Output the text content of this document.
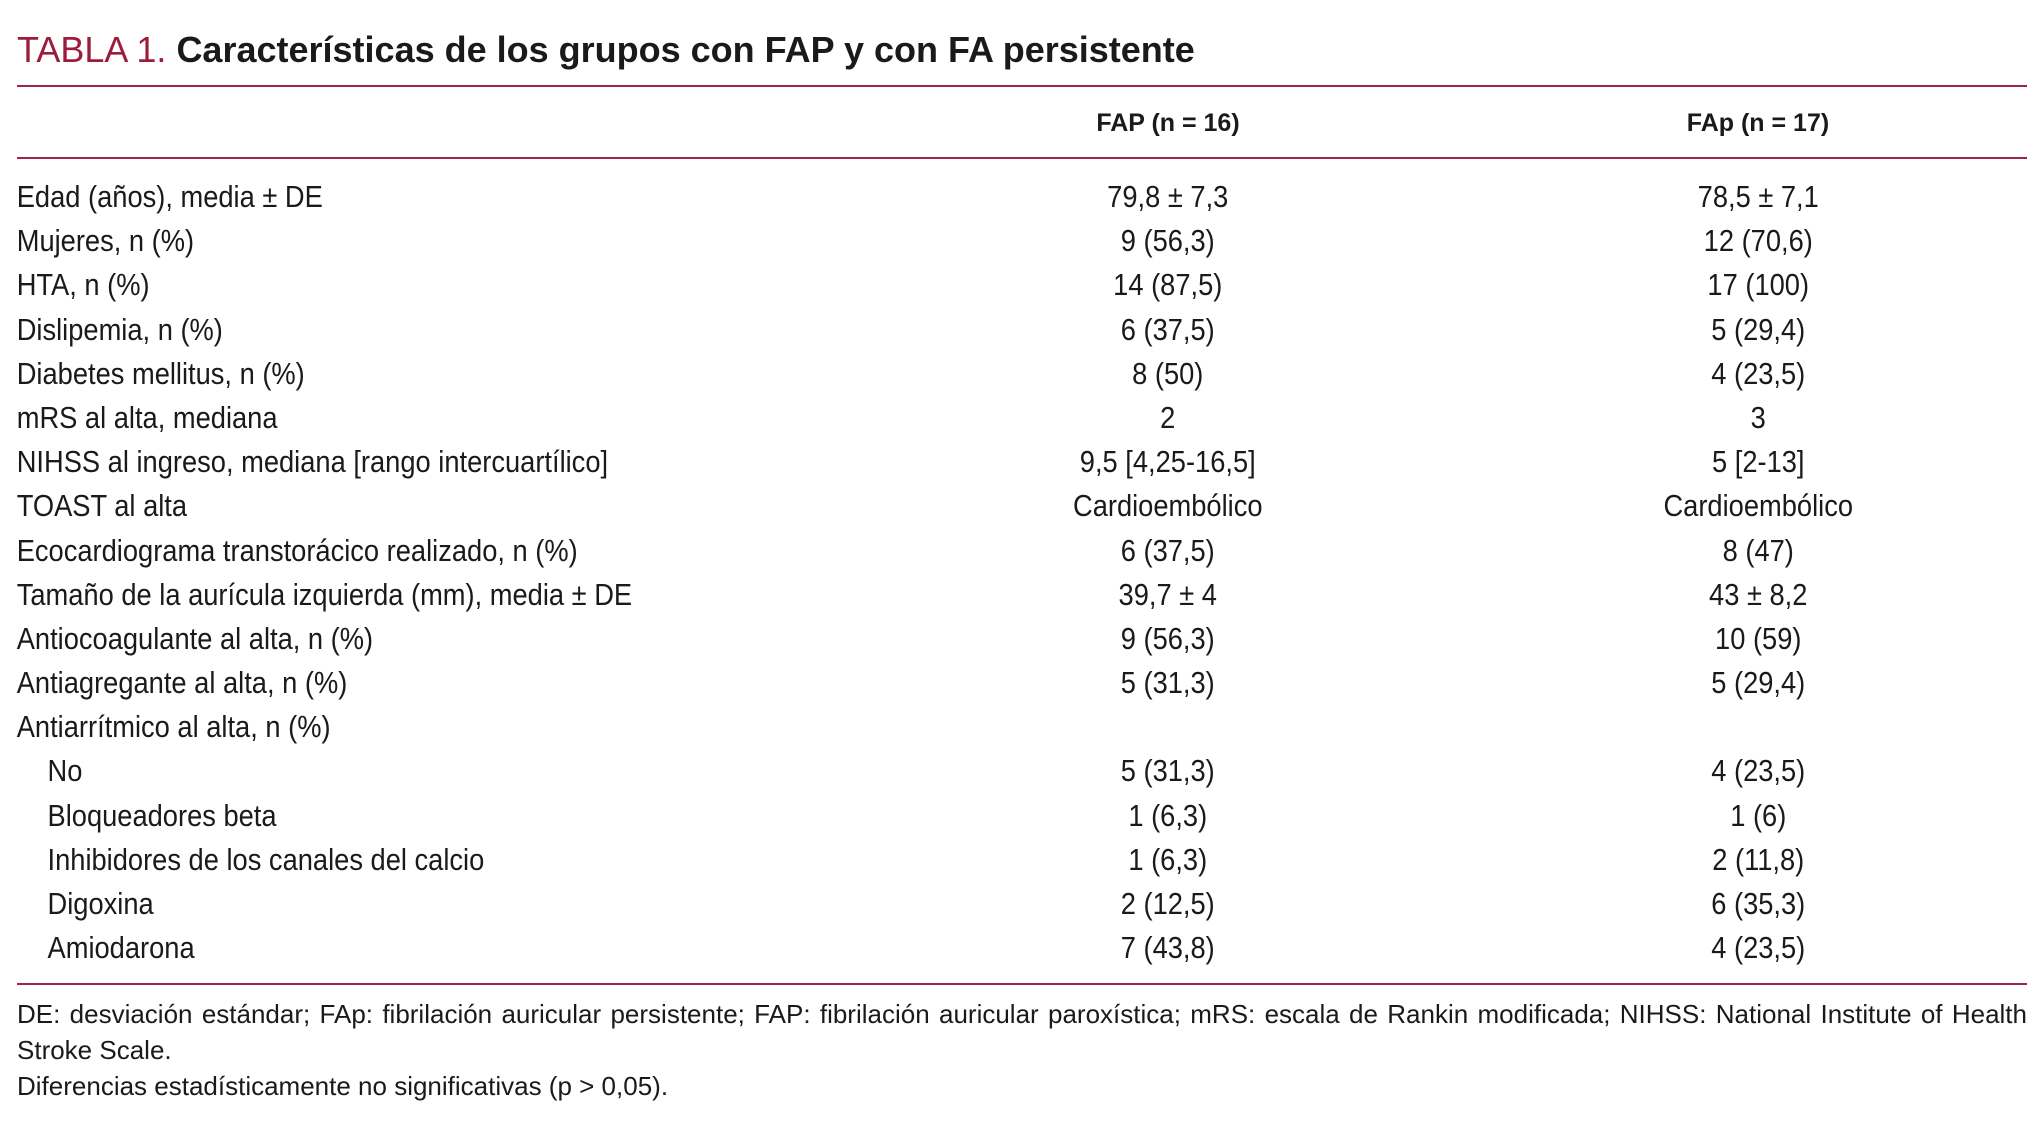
TABLA 1. Características de los grupos con FAP y con FA persistente
FAP (n = 16)	FAp (n = 17)
Edad (años), media ± DE	79,8 ± 7,3	78,5 ± 7,1
Mujeres, n (%)	9 (56,3)	12 (70,6)
HTA, n (%)	14 (87,5)	17 (100)
Dislipemia, n (%)	6 (37,5)	5 (29,4)
Diabetes mellitus, n (%)	8 (50)	4 (23,5)
mRS al alta, mediana	2	3
NIHSS al ingreso, mediana [rango intercuartílico]	9,5 [4,25-16,5]	5 [2-13]
TOAST al alta	Cardioembólico	Cardioembólico
Ecocardiograma transtorácico realizado, n (%)	6 (37,5)	8 (47)
Tamaño de la aurícula izquierda (mm), media ± DE	39,7 ± 4	43 ± 8,2
Antiocoagulante al alta, n (%)	9 (56,3)	10 (59)
Antiagregante al alta, n (%)	5 (31,3)	5 (29,4)
Antiarrítmico al alta, n (%)
No	5 (31,3)	4 (23,5)
Bloqueadores beta	1 (6,3)	1 (6)
Inhibidores de los canales del calcio	1 (6,3)	2 (11,8)
Digoxina	2 (12,5)	6 (35,3)
Amiodarona	7 (43,8)	4 (23,5)

DE: desviación estándar; FAp: fibrilación auricular persistente; FAP: fibrilación auricular paroxística; mRS: escala de Rankin modificada; NIHSS: National Institute of Health Stroke Scale.

Diferencias estadísticamente no significativas (p > 0,05).
